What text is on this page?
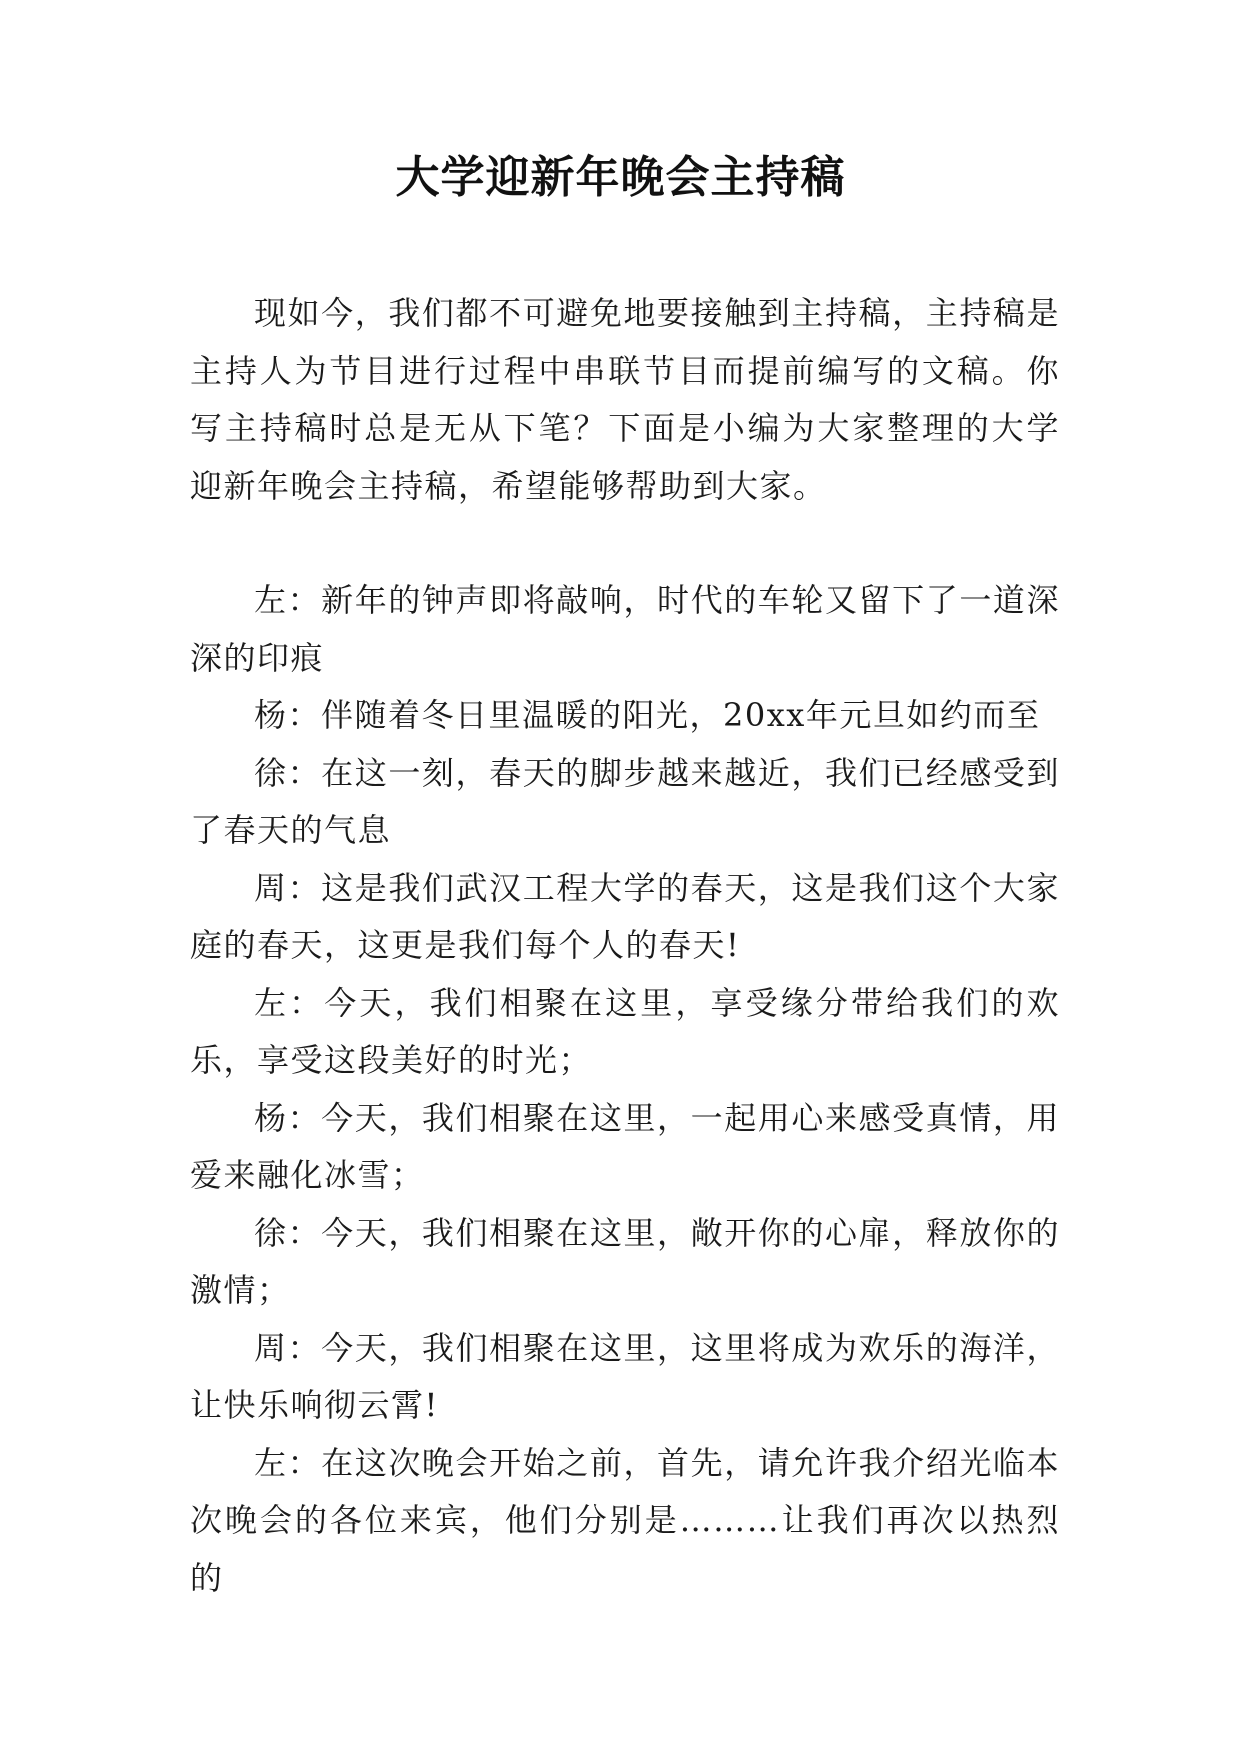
大学迎新年晚会主持稿

现如今，我们都不可避免地要接触到主持稿，主持稿是主持人为节目进行过程中串联节目而提前编写的文稿。你写主持稿时总是无从下笔？下面是小编为大家整理的大学迎新年晚会主持稿，希望能够帮助到大家。

左：新年的钟声即将敲响，时代的车轮又留下了一道深深的印痕

杨：伴随着冬日里温暖的阳光，20xx年元旦如约而至

徐：在这一刻，春天的脚步越来越近，我们已经感受到了春天的气息

周：这是我们武汉工程大学的春天，这是我们这个大家庭的春天，这更是我们每个人的春天!

左：今天，我们相聚在这里，享受缘分带给我们的欢乐，享受这段美好的时光；

杨：今天，我们相聚在这里，一起用心来感受真情，用爱来融化冰雪；

徐：今天，我们相聚在这里，敞开你的心扉，释放你的激情；

周：今天，我们相聚在这里，这里将成为欢乐的海洋，让快乐响彻云霄!

左：在这次晚会开始之前，首先，请允许我介绍光临本次晚会的各位来宾，他们分别是………让我们再次以热烈的
